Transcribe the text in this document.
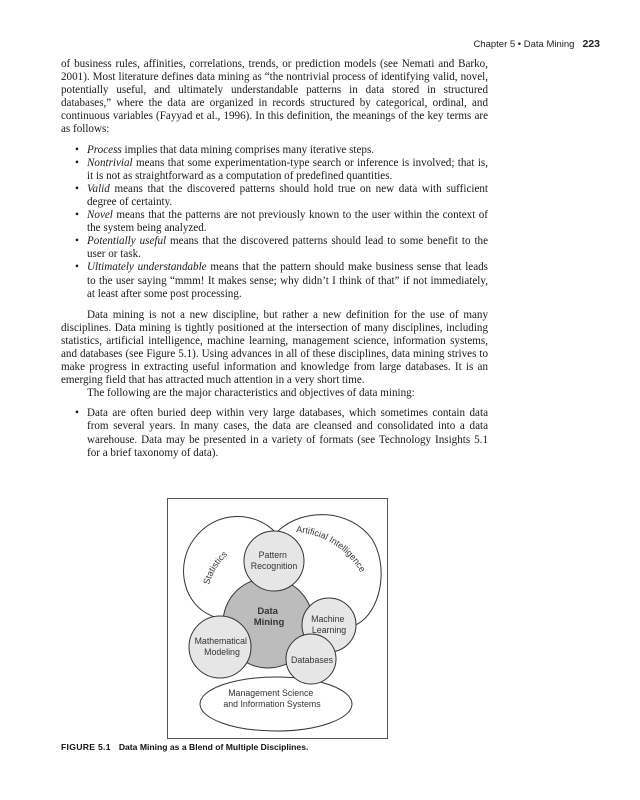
Chapter 5 • Data Mining 223

of business rules, affinities, correlations, trends, or prediction models (see Nemati and Barko, 2001). Most literature defines data mining as “the nontrivial process of identifying valid, novel, potentially useful, and ultimately understandable patterns in data stored in structured databases,” where the data are organized in records structured by categorical, ordinal, and continuous variables (Fayyad et al., 1996). In this definition, the meanings of the key terms are as follows:

• Process implies that data mining comprises many iterative steps.
• Nontrivial means that some experimentation-type search or inference is involved; that is, it is not as straightforward as a computation of predefined quantities.
• Valid means that the discovered patterns should hold true on new data with sufficient degree of certainty.
• Novel means that the patterns are not previously known to the user within the context of the system being analyzed.
• Potentially useful means that the discovered patterns should lead to some benefit to the user or task.
• Ultimately understandable means that the pattern should make business sense that leads to the user saying “mmm! It makes sense; why didn’t I think of that” if not immediately, at least after some post processing.

Data mining is not a new discipline, but rather a new definition for the use of many disciplines. Data mining is tightly positioned at the intersection of many disciplines, including statistics, artificial intelligence, machine learning, management science, information systems, and databases (see Figure 5.1). Using advances in all of these disciplines, data mining strives to make progress in extracting useful information and knowledge from large databases. It is an emerging field that has attracted much attention in a very short time.

The following are the major characteristics and objectives of data mining:

• Data are often buried deep within very large databases, which sometimes contain data from several years. In many cases, the data are cleansed and consolidated into a data warehouse. Data may be presented in a variety of formats (see Technology Insights 5.1 for a brief taxonomy of data).
Data Mining
Pattern Recognition
Machine Learning
Mathematical Modeling
Databases
Management Science and Information Systems
Statistics
Artificial Intelligence
FIGURE 5.1 Data Mining as a Blend of Multiple Disciplines.
